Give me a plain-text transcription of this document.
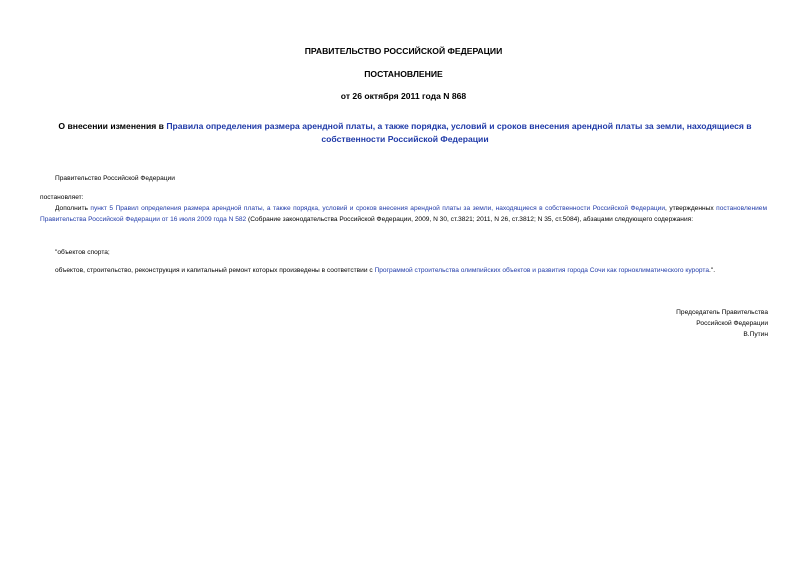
ПРАВИТЕЛЬСТВО РОССИЙСКОЙ ФЕДЕРАЦИИ
ПОСТАНОВЛЕНИЕ
от 26 октября 2011 года N 868
О внесении изменения в Правила определения размера арендной платы, а также порядка, условий и сроков внесения арендной платы за земли, находящиеся в собственности Российской Федерации
Правительство Российской Федерации
постановляет:
Дополнить пункт 5 Правил определения размера арендной платы, а также порядка, условий и сроков внесения арендной платы за земли, находящиеся в собственности Российской Федерации, утвержденных постановлением Правительства Российской Федерации от 16 июля 2009 года N 582 (Собрание законодательства Российской Федерации, 2009, N 30, ст.3821; 2011, N 26, ст.3812; N 35, ст.5084), абзацами следующего содержания:
"объектов спорта;
объектов, строительство, реконструкция и капитальный ремонт которых произведены в соответствии с Программой строительства олимпийских объектов и развития города Сочи как горноклиматического курорта.".
Председатель Правительства
Российской Федерации
В.Путин
